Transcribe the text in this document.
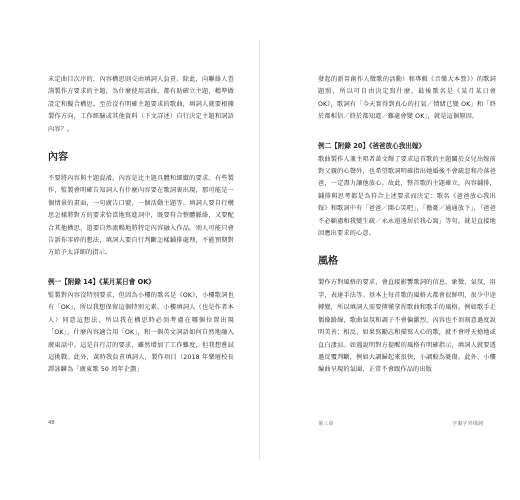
未定曲目次序的，內容構思則交由填詞人負責。除此，向聯絡人查詢製作方要求的主題，為什麼使用該曲，都有助確立主題，精準做設定和擬合構思。至於沒有明確主題要求的歌曲，填詞人就要根據製作方向，工作經驗或其他資料（下文詳述）自行決定主題和詞語內容？。

內容

不要將內容與主題混淆，內容是比主題具體和細緻的要求。有些製作，監製會明確告知詞人有什麼內容要在歌詞裏出現，那可能是一個情景的畫面，一句廣告口號，一個活動主題等。填詞人要自行構思怎樣將對方的要求恰當地寫進詞中，既要符合整體脈絡，又要配合其他構思，還要自然流暢地將特定內容融入作品。別人可能只會告訴你零碎的想法，填詞人要自行判斷怎樣鋪排處理，不能預期對方給予太詳細的指示。

例一【附錄 14】《某月某日會 OK》

監製對內容沒特別要求，但因為小樓的歌名是《OK》，小樓歌詞也有「OK」，所以我想保留這個特別元素。小樓填詞人（也是作者本人）同意這想法，所以我在構思時必須考慮在哪個位置出現「OK」，什麼內容適合用「OK」，和一個英文詞語如何自然地融入廣東話中。這是自行訂的要求，雖然增加了工作難度，但我想嘗試這挑戰。此外，黃時我負責填詞人，製作項目（2018 年樂壇校長譚詠麟為「廣東歌 50 周年企劃」

48

發起的新晉創作人徵歌的活動）和專輯《音樂大本營》）的歌詞題照，所以可自由決定寫什麼。最後歌名是《某月某日會 OK》，歌詞有「今天實得到真心的打氣／情緒已變 OK」和「終於都相信／終於都知道／難處會變 OK」，就是這個原因。

例二【附錄 20】《爸爸放心我出嫁》

歌曲製作人兼主唱者黃文輝了要求這首歌的主題關於女兒出嫁前對父親的心聲外，也希望歌詞明確指出她婚後不會疏忽和冷落爸爸，一定盡力讓他放心。故此，整首歌的主題確立，內容鋪排，鋪排與思考都是為符合上述要求而決定：歌名《爸爸放心我出嫁》和歌詞中有「爸爸／開心笑吧」，「擔憂／通通放下」，「爸爸不必顧慮和我變生疏／永永遠遠居於我心窩」等句，就是直接地回應出要求的心意。

風格

製作方對風格的要求，會直接影響歌詞的信息，象徵，氣氛，用字，表達手法等。基本上每首歌的風格大都會很鮮明，很少中途轉變，所以填詞人需要傳懂拿捏歌曲和歌手的風格。例如歌手走偶像路線，歌曲氣氛和調子不會偏激烈，內容也不須刻意過度說明美善；相反，如果寫勵志和描寫人心的歌，就不會呼天搶地或直白淒涼。如遇說明對方提醒的風格有明確指示，填詞人就要透過反覆判斷，例如大調歸起來很快，小調較為憂傷。此外，小樓編曲呈現的氣圍，正常不會跟作品的出版

第三章	字裏字外填詞
